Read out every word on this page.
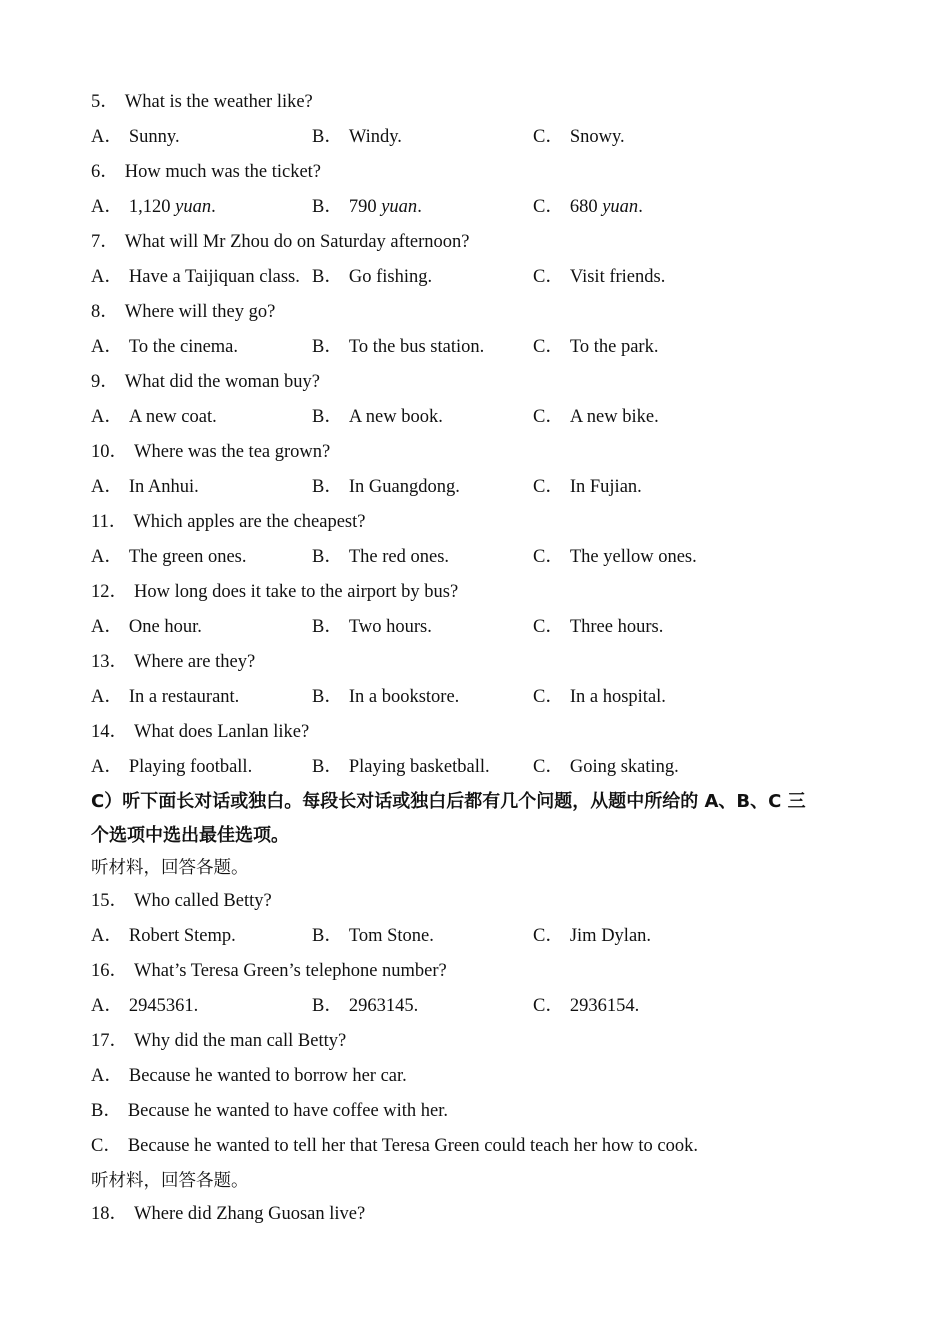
5． What is the weather like?
A． Sunny.	B． Windy.	C． Snowy.
6． How much was the ticket?
A． 1,120 yuan.	B． 790 yuan.	C． 680 yuan.
7． What will Mr Zhou do on Saturday afternoon?
A． Have a Taijiquan class. B． Go fishing.	C． Visit friends.
8． Where will they go?
A． To the cinema.	B． To the bus station.	C． To the park.
9． What did the woman buy?
A． A new coat.	B． A new book.	C． A new bike.
10． Where was the tea grown?
A． In Anhui.	B． In Guangdong.	C． In Fujian.
11． Which apples are the cheapest?
A． The green ones.	B． The red ones.	C． The yellow ones.
12． How long does it take to the airport by bus?
A． One hour.	B． Two hours.	C． Three hours.
13． Where are they?
A． In a restaurant.	B． In a bookstore.	C． In a hospital.
14． What does Lanlan like?
A． Playing football.	B． Playing basketball. C． Going skating.
C）听下面长对话或独白。每段长对话或独白后都有几个问题，从题中所给的 A、B、C 三
个选项中选出最佳选项。
听材料，回答各题。
15． Who called Betty?
A． Robert Stemp.	B． Tom Stone.	C． Jim Dylan.
16． What’s Teresa Green’s telephone number?
A． 2945361.	B． 2963145.	C． 2936154.
17． Why did the man call Betty?
A． Because he wanted to borrow her car.
B． Because he wanted to have coffee with her.
C． Because he wanted to tell her that Teresa Green could teach her how to cook.
听材料，回答各题。
18． Where did Zhang Guosan live?
